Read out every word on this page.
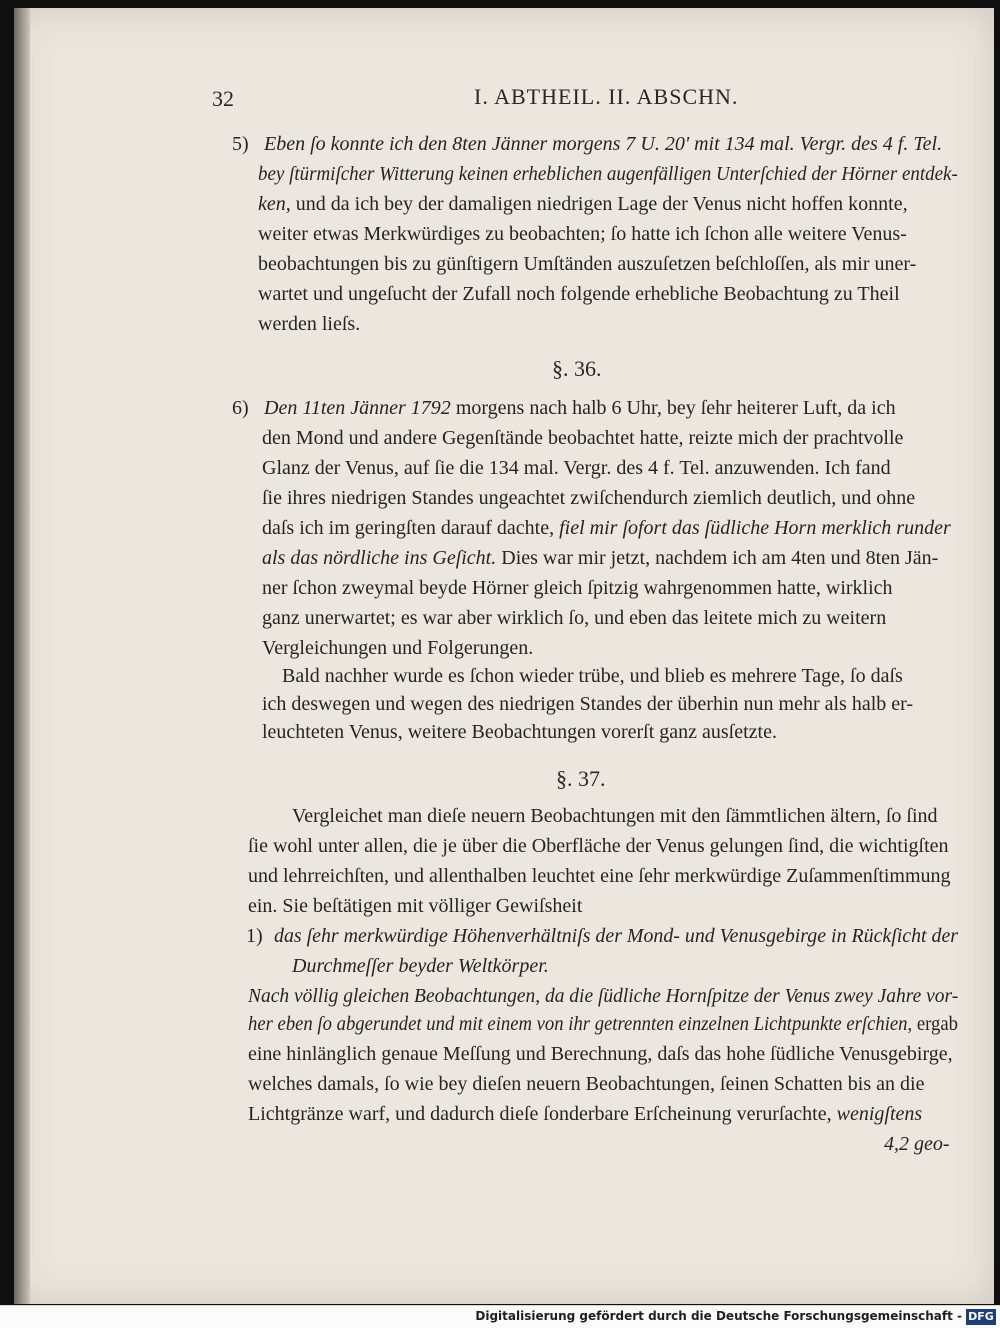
32	I. ABTHEIL. II. ABSCHN.
5) Eben ſo konnte ich den 8ten Jänner morgens 7 U. 20' mit 134 mal. Vergr. des 4 f. Tel.
bey ſtürmiſcher Witterung keinen erheblichen augenfälligen Unterſchied der Hörner entdek-
ken, und da ich bey der damaligen niedrigen Lage der Venus nicht hoffen konnte,
weiter etwas Merkwürdiges zu beobachten; ſo hatte ich ſchon alle weitere Venus-
beobachtungen bis zu günſtigern Umſtänden auszuſetzen beſchloſſen, als mir uner-
wartet und ungeſucht der Zufall noch folgende erhebliche Beobachtung zu Theil
werden lieſs.
§. 36.
6) Den 11ten Jänner 1792 morgens nach halb 6 Uhr, bey ſehr heiterer Luft, da ich
den Mond und andere Gegenſtände beobachtet hatte, reizte mich der prachtvolle
Glanz der Venus, auf ſie die 134 mal. Vergr. des 4 f. Tel. anzuwenden. Ich fand
ſie ihres niedrigen Standes ungeachtet zwiſchendurch ziemlich deutlich, und ohne
daſs ich im geringſten darauf dachte, fiel mir ſofort das ſüdliche Horn merklich runder
als das nördliche ins Geſicht. Dies war mir jetzt, nachdem ich am 4ten und 8ten Jän-
ner ſchon zweymal beyde Hörner gleich ſpitzig wahrgenommen hatte, wirklich
ganz unerwartet; es war aber wirklich ſo, und eben das leitete mich zu weitern
Vergleichungen und Folgerungen.
Bald nachher wurde es ſchon wieder trübe, und blieb es mehrere Tage, ſo daſs
ich deswegen und wegen des niedrigen Standes der überhin nun mehr als halb er-
leuchteten Venus, weitere Beobachtungen vorerſt ganz ausſetzte.
§. 37.
Vergleichet man dieſe neuern Beobachtungen mit den ſämmtlichen ältern, ſo ſind
ſie wohl unter allen, die je über die Oberfläche der Venus gelungen ſind, die wichtigſten
und lehrreichſten, und allenthalben leuchtet eine ſehr merkwürdige Zuſammenſtimmung
ein. Sie beſtätigen mit völliger Gewiſsheit
1) das ſehr merkwürdige Höhenverhältniſs der Mond- und Venusgebirge in Rückſicht der
Durchmeſſer beyder Weltkörper.
Nach völlig gleichen Beobachtungen, da die ſüdliche Hornſpitze der Venus zwey Jahre vor-
her eben ſo abgerundet und mit einem von ihr getrennten einzelnen Lichtpunkte erſchien, ergab
eine hinlänglich genaue Meſſung und Berechnung, daſs das hohe ſüdliche Venusgebirge,
welches damals, ſo wie bey dieſen neuern Beobachtungen, ſeinen Schatten bis an die
Lichtgränze warf, und dadurch dieſe ſonderbare Erſcheinung verurſachte, wenigſtens
4,2 geo-
Digitalisierung gefördert durch die Deutsche Forschungsgemeinschaft - DFG
